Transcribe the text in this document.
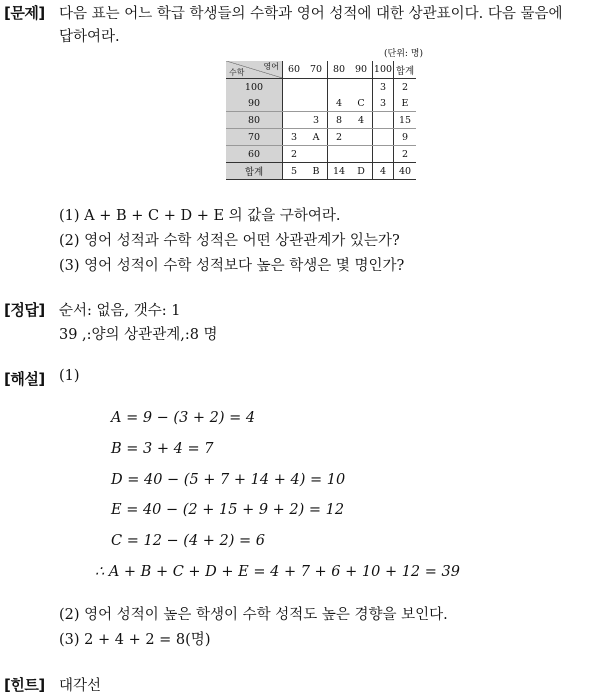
[문제] 다음 표는 어느 학급 학생들의 수학과 영어 성적에 대한 상관표이다. 다음 물음에
답하여라.
(단위: 명)
영어
수학	60	70	80	90	100	합계
100					3	2
90			4	C	3	E
80		3	8	4		15
70	3	A	2			9
60	2					2
합계	5	B	14	D	4	40
(1) A + B + C + D + E 의 값을 구하여라.
(2) 영어 성적과 수학 성적은 어떤 상관관계가 있는가?
(3) 영어 성적이 수학 성적보다 높은 학생은 몇 명인가?
[정답] 순서: 없음, 갯수: 1
39 ,:양의 상관관계,:8 명
[해설] (1)
A = 9 − (3 + 2) = 4
B = 3 + 4 = 7
D = 40 − (5 + 7 + 14 + 4) = 10
E = 40 − (2 + 15 + 9 + 2) = 12
C = 12 − (4 + 2) = 6
∴ A + B + C + D + E = 4 + 7 + 6 + 10 + 12 = 39
(2) 영어 성적이 높은 학생이 수학 성적도 높은 경향을 보인다.
(3) 2 + 4 + 2 = 8(명)
[힌트] 대각선
